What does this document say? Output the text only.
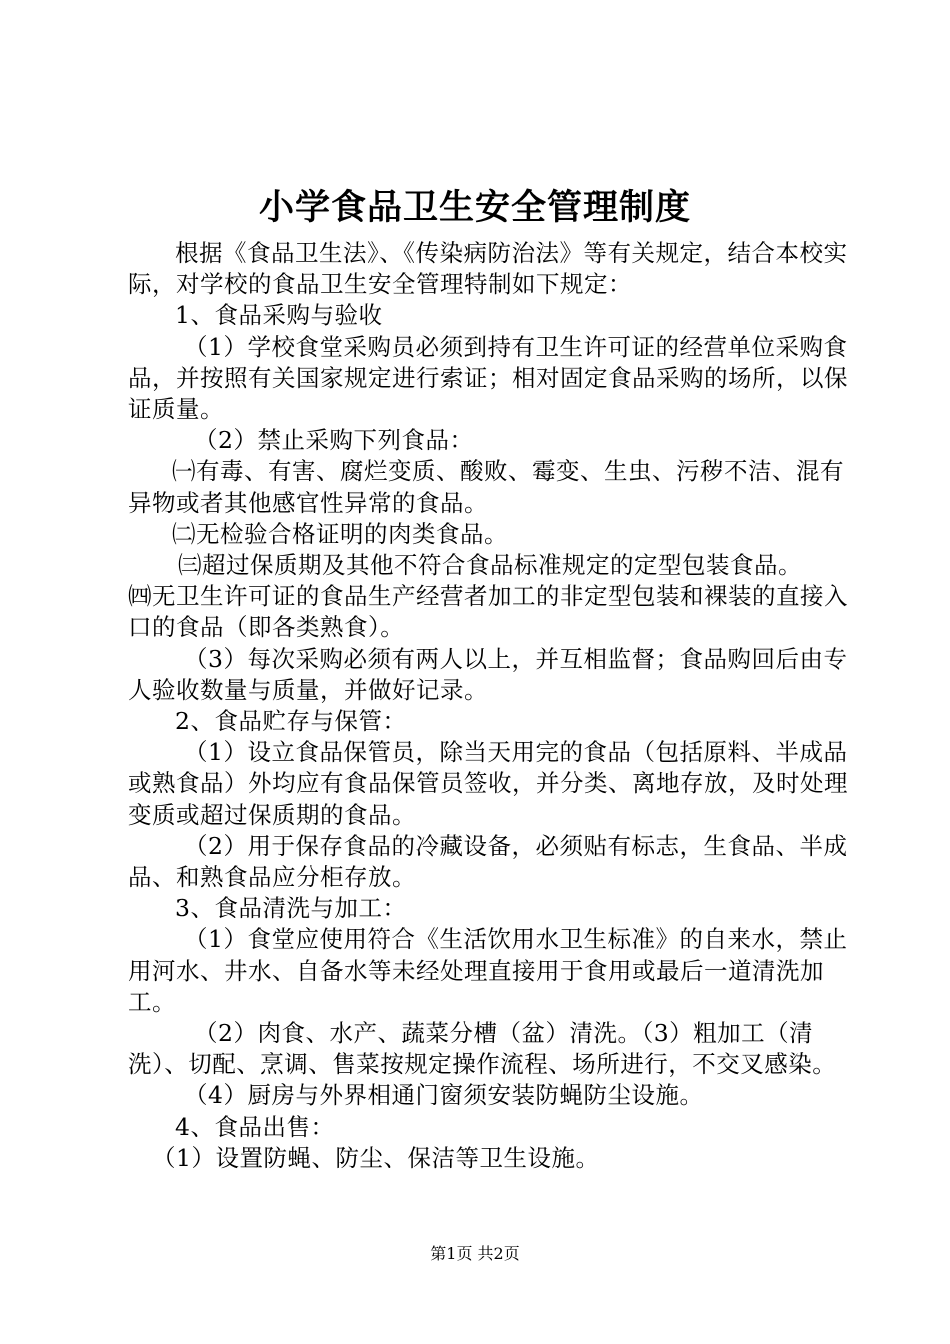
小学食品卫生安全管理制度

根据《食品卫生法》、《传染病防治法》等有关规定，结合本校实际，对学校的食品卫生安全管理特制如下规定：

1、食品采购与验收

（1）学校食堂采购员必须到持有卫生许可证的经营单位采购食品，并按照有关国家规定进行索证；相对固定食品采购的场所，以保证质量。

（2）禁止采购下列食品：

㈠有毒、有害、腐烂变质、酸败、霉变、生虫、污秽不洁、混有异物或者其他感官性异常的食品。

㈡无检验合格证明的肉类食品。

㈢超过保质期及其他不符合食品标准规定的定型包装食品。

㈣无卫生许可证的食品生产经营者加工的非定型包装和裸装的直接入口的食品（即各类熟食）。

（3）每次采购必须有两人以上，并互相监督；食品购回后由专人验收数量与质量，并做好记录。

2、食品贮存与保管：

（1）设立食品保管员，除当天用完的食品（包括原料、半成品或熟食品）外均应有食品保管员签收，并分类、离地存放，及时处理变质或超过保质期的食品。

（2）用于保存食品的冷藏设备，必须贴有标志，生食品、半成品、和熟食品应分柜存放。

3、食品清洗与加工：

（1）食堂应使用符合《生活饮用水卫生标准》的自来水，禁止用河水、井水、自备水等未经处理直接用于食用或最后一道清洗加工。

（2）肉食、水产、蔬菜分槽（盆）清洗。（3）粗加工（清洗）、切配、烹调、售菜按规定操作流程、场所进行，不交叉感染。

（4）厨房与外界相通门窗须安装防蝇防尘设施。

4、食品出售：

（1）设置防蝇、防尘、保洁等卫生设施。

第1页 共2页
